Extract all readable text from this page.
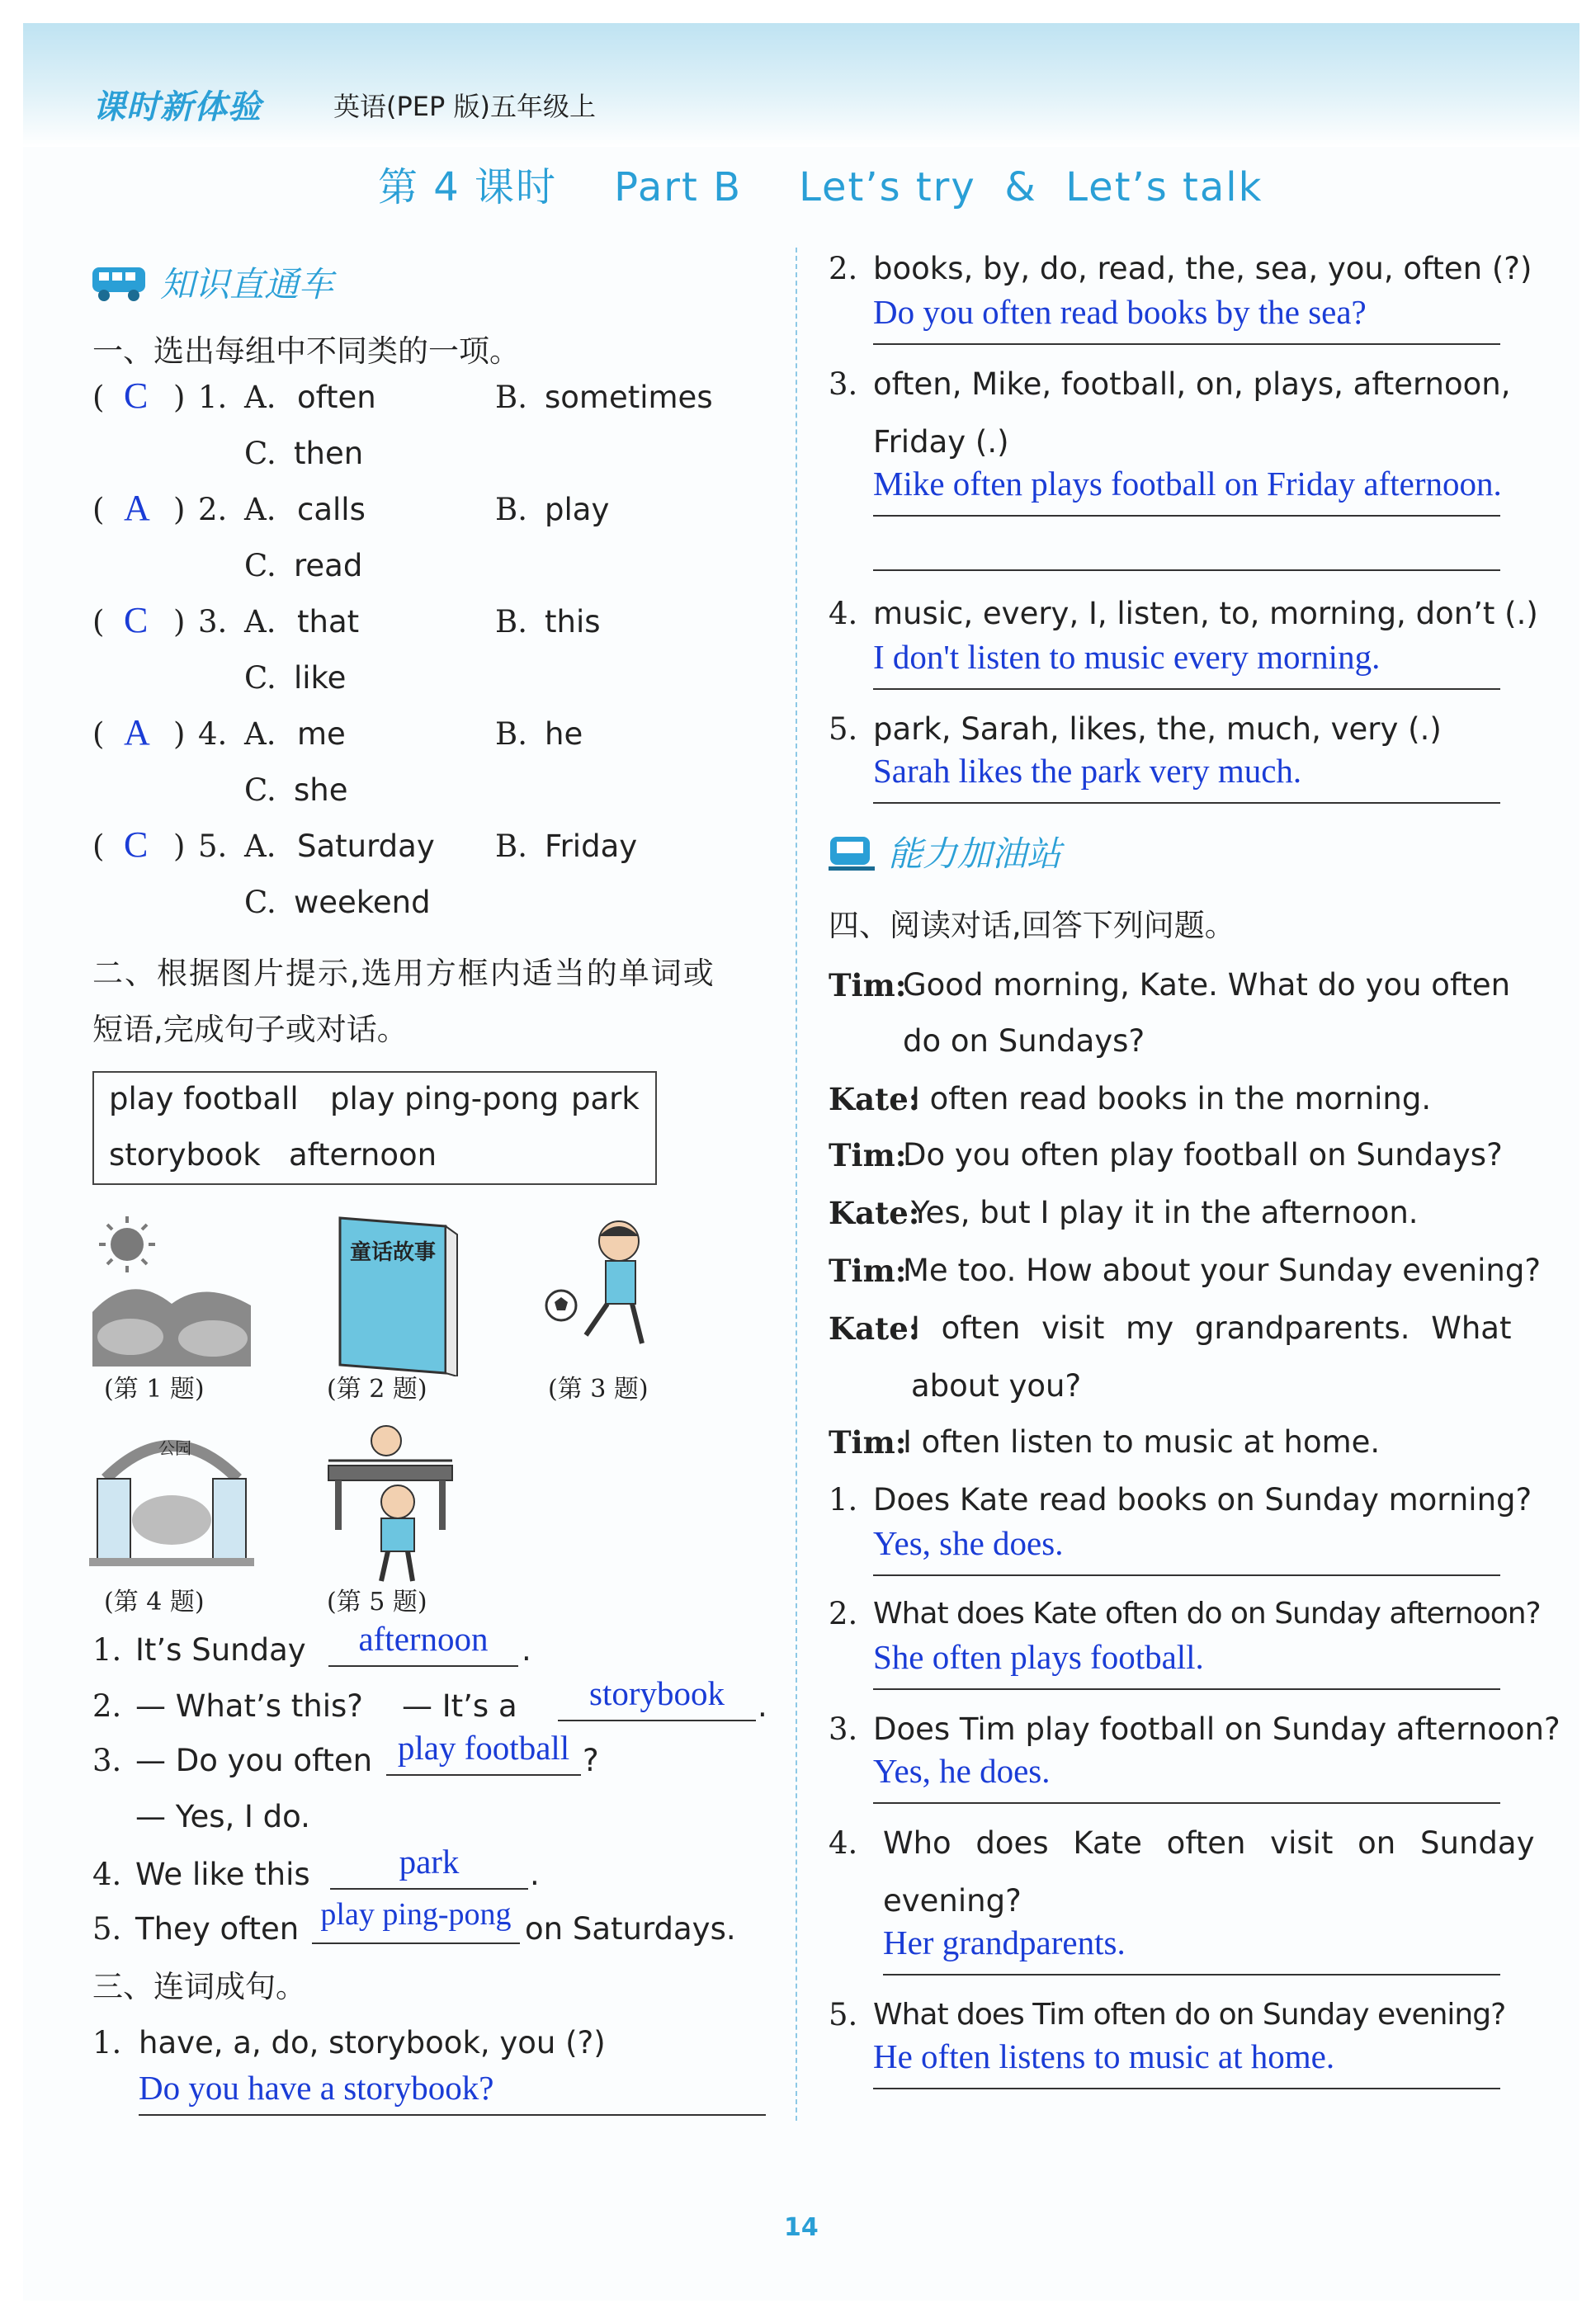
课时新体验	英语(PEP 版)五年级上
第 4 课时    Part B    Let’s try  &  Let’s talk
知识直通车
一、选出每组中不同类的一项。
( C ) 1. A. often	B. sometimes
C. then
( A ) 2. A. calls	B. play
C. read
( C ) 3. A. that	B. this
C. like
( A ) 4. A. me	B. he
C. she
( C ) 5. A. Saturday B. Friday
C. weekend
二、根据图片提示,选用方框内适当的单词或
短语,完成句子或对话。
play football play ping-pong park
storybook afternoon
童话故事
(第 1 题)	(第 2 题)	(第 3 题)
公园
(第 4 题)	(第 5 题)
1. It’s Sunday	afternoon	.
2. — What’s this?    — It’s a	storybook	.
3. — Do you often play football ?
— Yes, I do.
4. We like this	park	.
5. They often play ping-pong on Saturdays.
三、连词成句。
1. have, a, do, storybook, you (?)
Do you have a storybook?
2. books, by, do, read, the, sea, you, often (?)
Do you often read books by the sea?
3. often, Mike, football, on, plays, afternoon,
Friday (.)
Mike often plays football on Friday afternoon.
4. music, every, I, listen, to, morning, don’t (.)
I don't listen to music every morning.
5. park, Sarah, likes, the, much, very (.)
Sarah likes the park very much.
能力加油站
四、阅读对话,回答下列问题。
Tim:
Good morning, Kate. What do you often
do on Sundays?
Kate:
I often read books in the morning.
Tim:
Do you often play football on Sundays?
Kate:
Yes, but I play it in the afternoon.
Tim:
Me too. How about your Sunday evening?
Kate:
I often visit my grandparents. What
about you?
Tim:
I often listen to music at home.
1. Does Kate read books on Sunday morning?
Yes, she does.
2. What does Kate often do on Sunday afternoon?
She often plays football.
3. Does Tim play football on Sunday afternoon?
Yes, he does.
4. Who does Kate often visit on Sunday
evening?
Her grandparents.
5. What does Tim often do on Sunday evening?
He often listens to music at home.
14
